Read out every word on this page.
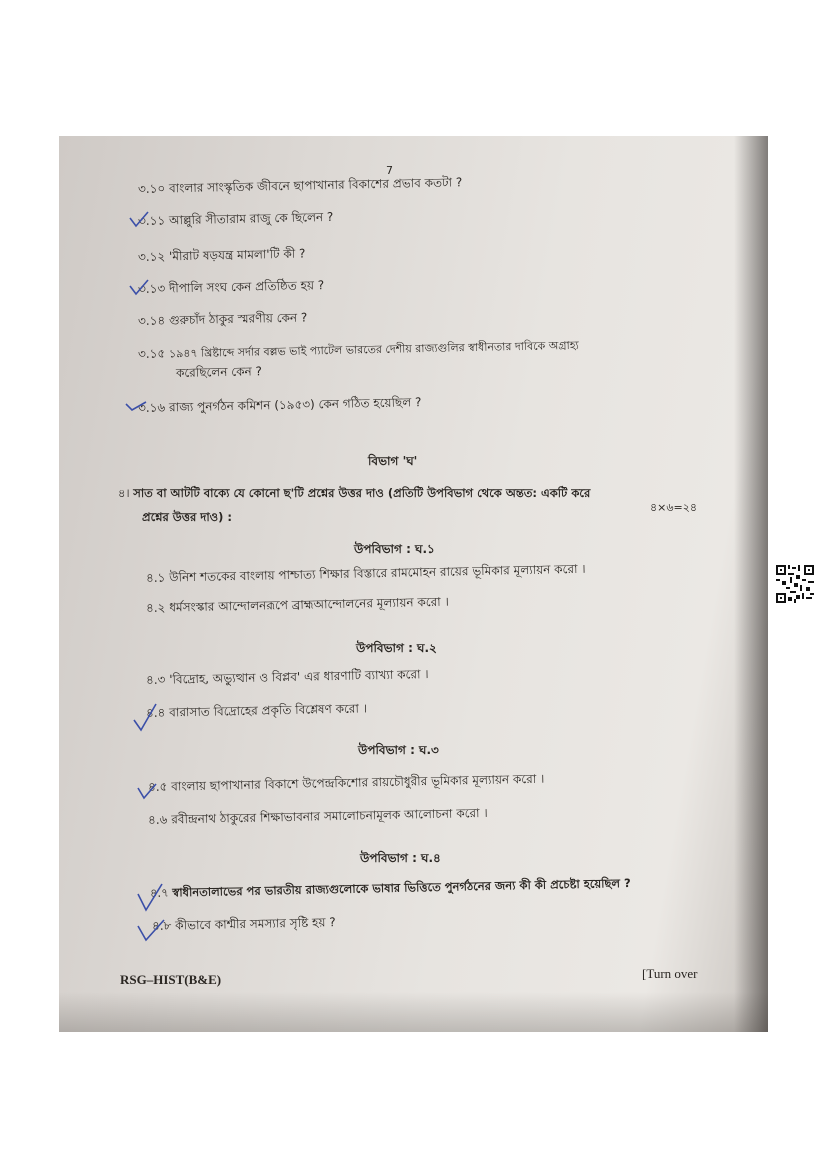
7
৩.১০ বাংলার সাংস্কৃতিক জীবনে ছাপাখানার বিকাশের প্রভাব কতটা ?
৩.১১ আল্লুরি সীতারাম রাজু কে ছিলেন ?
৩.১২ 'মীরাট ষড়যন্ত্র মামলা'টি কী ?
৩.১৩ দীপালি সংঘ কেন প্রতিষ্ঠিত হয় ?
৩.১৪ গুরুচাঁদ ঠাকুর স্মরণীয় কেন ?
৩.১৫ ১৯৪৭ খ্রিষ্টাব্দে সর্দার বল্লভ ভাই প্যাটেল ভারতের দেশীয় রাজ্যগুলির স্বাধীনতার দাবিকে অগ্রাহ্য
করেছিলেন কেন ?
৩.১৬ রাজ্য পুনর্গঠন কমিশন (১৯৫৩) কেন গঠিত হয়েছিল ?
বিভাগ 'ঘ'
৪। সাত বা আটটি বাক্যে যে কোনো ছ'টি প্রশ্নের উত্তর দাও (প্রতিটি উপবিভাগ থেকে অন্তত: একটি করে
প্রশ্নের উত্তর দাও) :
৪×৬=২৪
উপবিভাগ : ঘ.১
৪.১ উনিশ শতকের বাংলায় পাশ্চাত্য শিক্ষার বিস্তারে রামমোহন রায়ের ভূমিকার মূল্যায়ন করো ।
৪.২ ধর্মসংস্কার আন্দোলনরূপে ব্রাহ্মআন্দোলনের মূল্যায়ন করো ।
উপবিভাগ : ঘ.২
৪.৩ 'বিদ্রোহ, অভ্যুত্থান ও বিপ্লব' এর ধারণাটি ব্যাখ্যা করো ।
৪.৪ বারাসাত বিদ্রোহের প্রকৃতি বিশ্লেষণ করো ।
উপবিভাগ : ঘ.৩
৪.৫ বাংলায় ছাপাখানার বিকাশে উপেন্দ্রকিশোর রায়চৌধুরীর ভূমিকার মূল্যায়ন করো ।
৪.৬ রবীন্দ্রনাথ ঠাকুরের শিক্ষাভাবনার সমালোচনামূলক আলোচনা করো ।
উপবিভাগ : ঘ.৪
৪.৭ স্বাধীনতালাভের পর ভারতীয় রাজ্যগুলোকে ভাষার ভিত্তিতে পুনর্গঠনের জন্য কী কী প্রচেষ্টা হয়েছিল ?
৪.৮ কীভাবে কাশ্মীর সমস্যার সৃষ্টি হয় ?
RSG–HIST(B&E)	[Turn over
